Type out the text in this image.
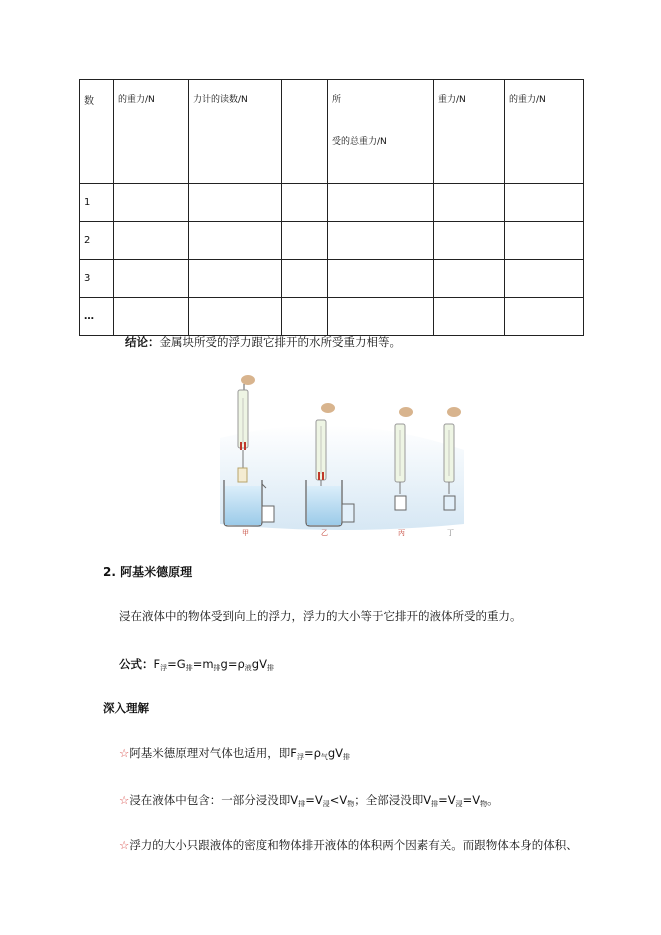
数	的重力/N	力计的读数/N		所
受的总重力/N	重力/N	的重力/N
1						
2						
3						
…						
结论：金属块所受的浮力跟它排开的水所受重力相等。
甲	乙	丙	丁
2. 阿基米德原理
浸在液体中的物体受到向上的浮力，浮力的大小等于它排开的液体所受的重力。
公式：$F_浮=G_排=m_排g=\rho_液gV_排$
深入理解
☆阿基米德原理对气体也适用，即$F_浮=\rho_气gV_排$
☆浸在液体中包含：一部分浸没即$V_排=V_浸<V_物$；全部浸没即$V_排=V_浸=V_物$。
☆浮力的大小只跟液体的密度和物体排开液体的体积两个因素有关。而跟物体本身的体积、
